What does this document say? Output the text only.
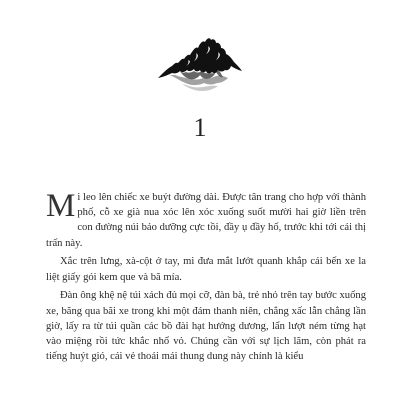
1

Mi leo lên chiếc xe buýt đường dài. Được tân trang cho hợp với thành phố, cỗ xe già nua xóc lên xóc xuống suốt mười hai giờ liền trên con đường núi bảo dưỡng cực tồi, đầy ụ đầy hố, trước khi tới cái thị trấn này.

Xắc trên lưng, xà-cột ở tay, mi đưa mắt lướt quanh khắp cái bến xe la liệt giấy gói kem que và bã mía.

Đàn ông khệ nệ túi xách đủ mọi cỡ, đàn bà, trẻ nhỏ trên tay bước xuống xe, băng qua bãi xe trong khi một đám thanh niên, chẳng xấc lẫn chẳng lần giờ, lấy ra từ túi quần các bồ đài hạt hướng dương, lẩn lượt ném từng hạt vào miệng rồi tức khắc nhổ vỏ. Chúng cần với sự lịch lãm, còn phát ra tiếng huýt gió, cái vẻ thoải mái thung dung này chính là kiểu
